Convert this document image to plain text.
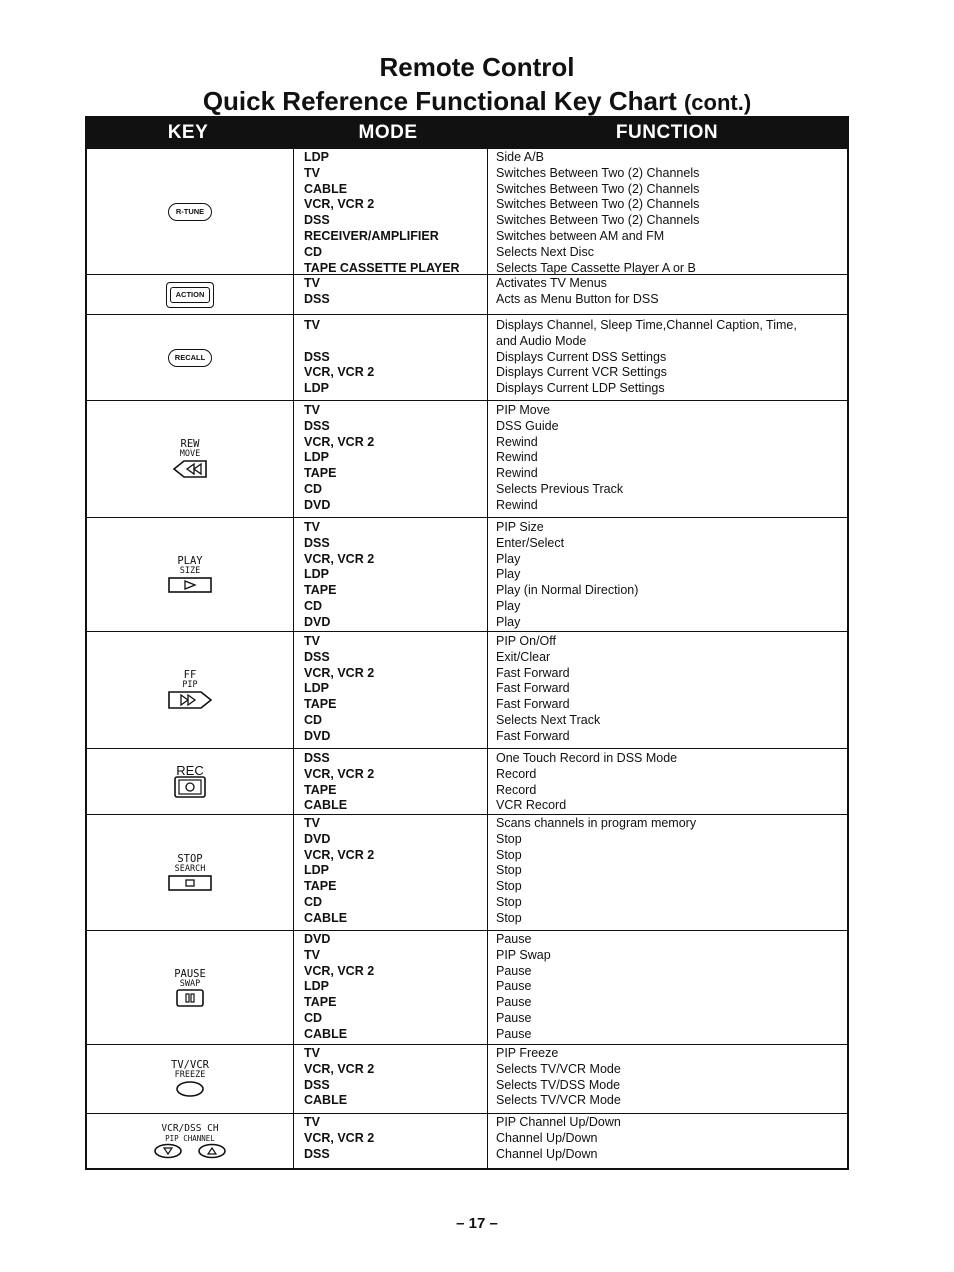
Remote Control
Quick Reference Functional Key Chart (cont.)
KEY	MODE	FUNCTION
R-TUNE
LDP
TV
CABLE
VCR, VCR 2
DSS
RECEIVER/AMPLIFIER
CD
TAPE CASSETTE PLAYER
Side A/B
Switches Between Two (2) Channels
Switches Between Two (2) Channels
Switches Between Two (2) Channels
Switches Between Two (2) Channels
Switches between AM and FM
Selects Next Disc
Selects Tape Cassette Player A or B
ACTION
TV
DSS
Activates TV Menus
Acts as Menu Button for DSS
RECALL
TV

DSS
VCR, VCR 2
LDP
Displays Channel, Sleep Time,Channel Caption, Time,
and Audio Mode
Displays Current DSS Settings
Displays Current VCR Settings
Displays Current LDP Settings
REW
MOVE
TV
DSS
VCR, VCR 2
LDP
TAPE
CD
DVD
PIP Move
DSS Guide
Rewind
Rewind
Rewind
Selects Previous Track
Rewind
PLAY
SIZE
TV
DSS
VCR, VCR 2
LDP
TAPE
CD
DVD
PIP Size
Enter/Select
Play
Play
Play (in Normal Direction)
Play
Play
FF
PIP
TV
DSS
VCR, VCR 2
LDP
TAPE
CD
DVD
PIP On/Off
Exit/Clear
Fast Forward
Fast Forward
Fast Forward
Selects Next Track
Fast Forward
REC
DSS
VCR, VCR 2
TAPE
CABLE
One Touch Record in DSS Mode
Record
Record
VCR Record
STOP
SEARCH
TV
DVD
VCR, VCR 2
LDP
TAPE
CD
CABLE
Scans channels in program memory
Stop
Stop
Stop
Stop
Stop
Stop
PAUSE
SWAP
DVD
TV
VCR, VCR 2
LDP
TAPE
CD
CABLE
Pause
PIP Swap
Pause
Pause
Pause
Pause
Pause
TV/VCR
FREEZE
TV
VCR, VCR 2
DSS
CABLE
PIP Freeze
Selects TV/VCR Mode
Selects TV/DSS Mode
Selects TV/VCR Mode
VCR/DSS CH
PIP CHANNEL
TV
VCR, VCR 2
DSS
PIP Channel Up/Down
Channel Up/Down
Channel Up/Down
– 17 –
